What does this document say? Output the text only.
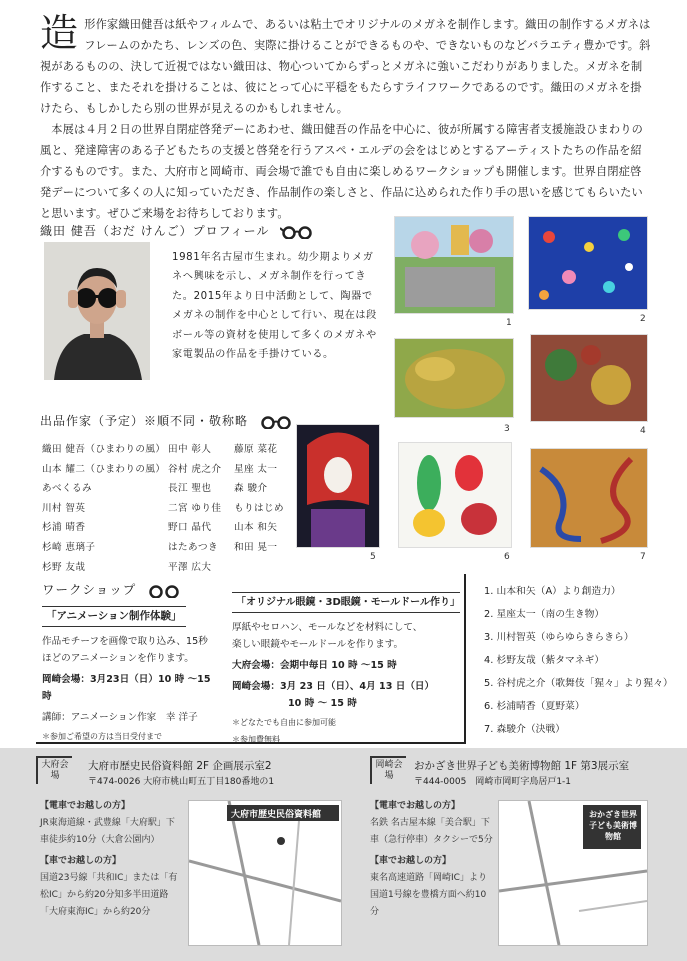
造 形作家織田健吾は紙やフィルムで、あるいは粘土でオリジナルのメガネを制作します。織田の制作するメガネはフレームのかたち、レンズの色、実際に掛けることができるものや、できないものなどバラエティ豊かです。斜視があるものの、決して近視ではない織田は、物心ついてからずっとメガネに強いこだわりがありました。メガネを制作すること、またそれを掛けることは、彼にとって心に平穏をもたらすライフワークであるのです。織田のメガネを掛けたら、もしかしたら別の世界が見えるのかもしれません。

本展は４月２日の世界自閉症啓発デーにあわせ、織田健吾の作品を中心に、彼が所属する障害者支援施設ひまわりの風と、発達障害のある子どもたちの支援と啓発を行うアスペ・エルデの会をはじめとするアーティストたちの作品を紹介するものです。また、大府市と岡崎市、両会場で誰でも自由に楽しめるワークショップも開催します。世界自閉症啓発デーについて多くの人に知っていただき、作品制作の楽しさと、作品に込められた作り手の思いを感じてもらいたいと思います。ぜひご来場をお待ちしております。

織田 健吾（おだ けんご）プロフィール
1981年名古屋市生まれ。幼少期よりメガネへ興味を示し、メガネ制作を行ってきた。2015年より日中活動として、陶器でメガネの制作を中心として行い、現在は段ボール等の資材を使用して多くのメガネや家電製品の作品を手掛けている。
出品作家（予定）※順不同・敬称略
織田 健吾（ひまわりの風）
山本 耀二（ひまわりの風）
あべくるみ
川村 智英
杉浦 晴香
杉崎 恵璃子
杉野 友哉
田中 彰人
谷村 虎之介
長江 聖也
二宮 ゆり佳
野口 晶代
はたあつき
平澤 広大
藤原 菜花
星座 太一
森 駿介
もりはじめ
山本 和矢
和田 晃一
1	2
3	4
5	6	7
ワークショップ
「アニメーション制作体験」
作品モチーフを画像で取り込み、15秒
ほどのアニメーションを作ります。
岡崎会場：3月23日（日）10 時 ～15 時
講師：アニメーション作家　幸 洋子
＊参加ご希望の方は当日受付まで
「オリジナル眼鏡・3D眼鏡・モールドール作り」
厚紙やセロハン、モールなどを材料にして、
楽しい眼鏡やモールドールを作ります。
大府会場：会期中毎日 10 時 ～15 時
岡崎会場：3月 23 日（日）、4月 13 日（日）
10 時 ～ 15 時
＊どなたでも自由に参加可能
＊参加費無料
1. 山本和矢（A）より創造力）
2. 星座太一（南の生き物）
3. 川村智英（ゆらゆらきらきら）
4. 杉野友哉（紫タマネギ）
5. 谷村虎之介（歌舞伎「猩々」より猩々）
6. 杉浦晴香（夏野菜）
7. 森駿介（決戦）
大府会場
大府市歴史民俗資料館 2F 企画展示室2
〒474-0026 大府市桃山町五丁目180番地の1
【電車でお越しの方】
JR東海道線・武豊線「大府駅」下車徒歩約10分（大倉公園内）
【車でお越しの方】
国道23号線「共和IC」または「有松IC」から約20分知多半田道路「大府東海IC」から約20分
大府市歴史民俗資料館
岡崎会場
おかざき世界子ども美術博物館 1F 第3展示室
〒444-0005　岡崎市岡町字鳥居戸1-1
【電車でお越しの方】
名鉄 名古屋本線「美合駅」下車（急行停車）タクシーで5分
【車でお越しの方】
東名高速道路「岡崎IC」より国道1号線を豊橋方面へ約10分
おかざき世界子ども美術博物館
